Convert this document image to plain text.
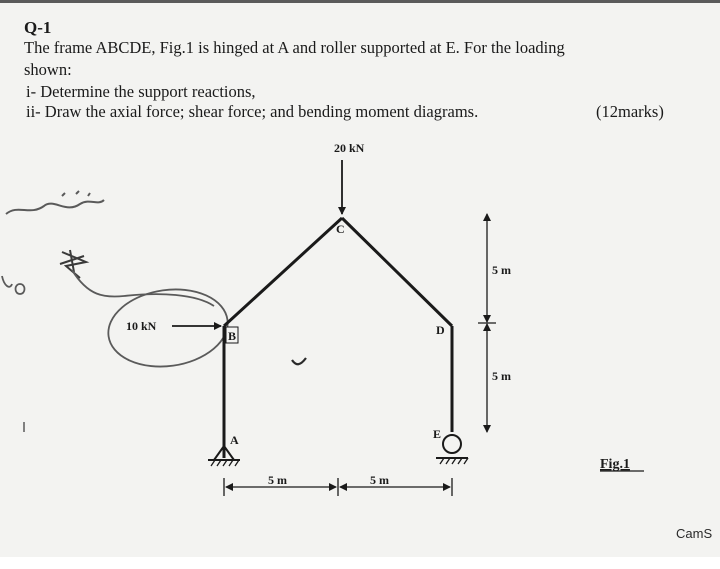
Q-1
The frame ABCDE, Fig.1 is hinged at A and roller supported at E. For the loading
shown:
i- Determine the support reactions,
ii- Draw the axial force; shear force; and bending moment diagrams.	(12marks)
20 kN
10 kN
A
B
C
D
E
5 m
5 m
5 m	5 m
Fig.1
CamS
